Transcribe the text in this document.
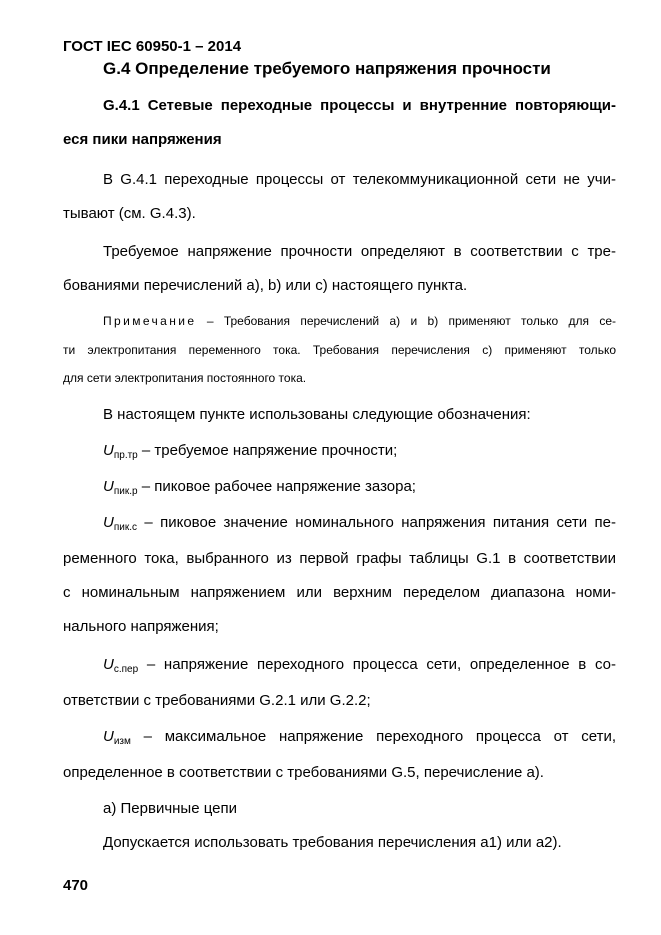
ГОСТ IEC 60950-1 – 2014
G.4 Определение требуемого напряжения прочности

G.4.1 Сетевые переходные процессы и внутренние повторяющи-

еся пики напряжения

В G.4.1 переходные процессы от телекоммуникационной сети не учи-

тывают (см. G.4.3).

Требуемое напряжение прочности определяют в соответствии с тре-

бованиями перечислений а), b) или с) настоящего пункта.

Примечание – Требования перечислений а) и b) применяют только для се-

ти электропитания переменного тока. Требования перечисления с) применяют только

для сети электропитания постоянного тока.

В настоящем пункте использованы следующие обозначения:

$U_{пр.тр}$ – требуемое напряжение прочности;

$U_{пик.р}$ – пиковое рабочее напряжение зазора;

$U_{пик.с}$ – пиковое значение номинального напряжения питания сети пе-

ременного тока, выбранного из первой графы таблицы G.1 в соответствии

с номинальным напряжением или верхним переделом диапазона номи-

нального напряжения;

$U_{с.пер}$ – напряжение переходного процесса сети, определенное в со-

ответствии с требованиями G.2.1 или G.2.2;

$U_{изм}$ – максимальное напряжение переходного процесса от сети,

определенное в соответствии с требованиями G.5, перечисление а).

а) Первичные цепи

Допускается использовать требования перечисления а1) или а2).

470
